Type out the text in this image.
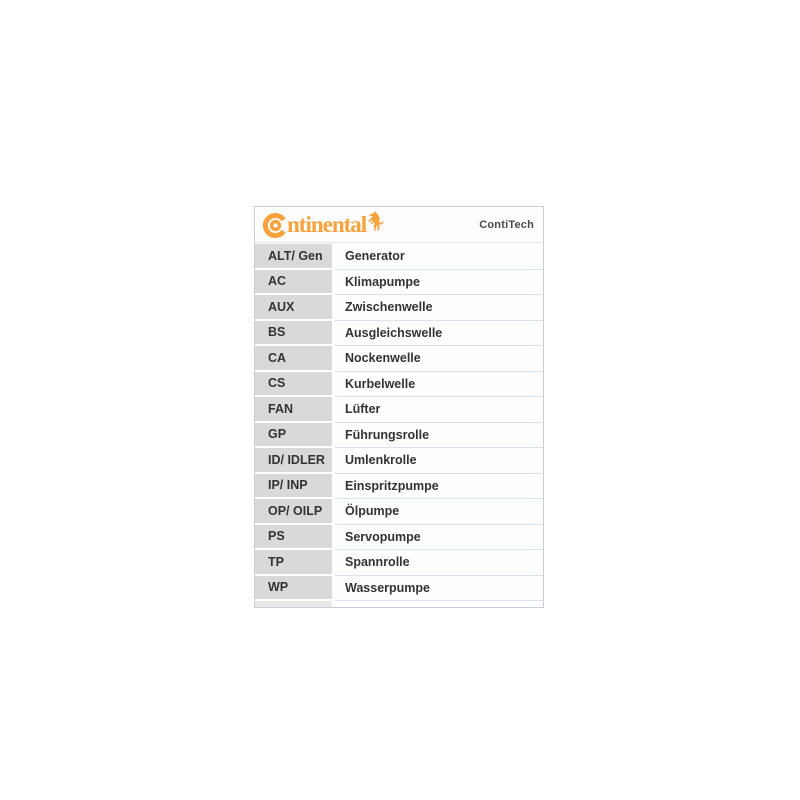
ntinental	ContiTech
ALT/ Gen	Generator
AC	Klimapumpe
AUX	Zwischenwelle
BS	Ausgleichswelle
CA	Nockenwelle
CS	Kurbelwelle
FAN	Lüfter
GP	Führungsrolle
ID/ IDLER	Umlenkrolle
IP/ INP	Einspritzpumpe
OP/ OILP	Ölpumpe
PS	Servopumpe
TP	Spannrolle
WP	Wasserpumpe
